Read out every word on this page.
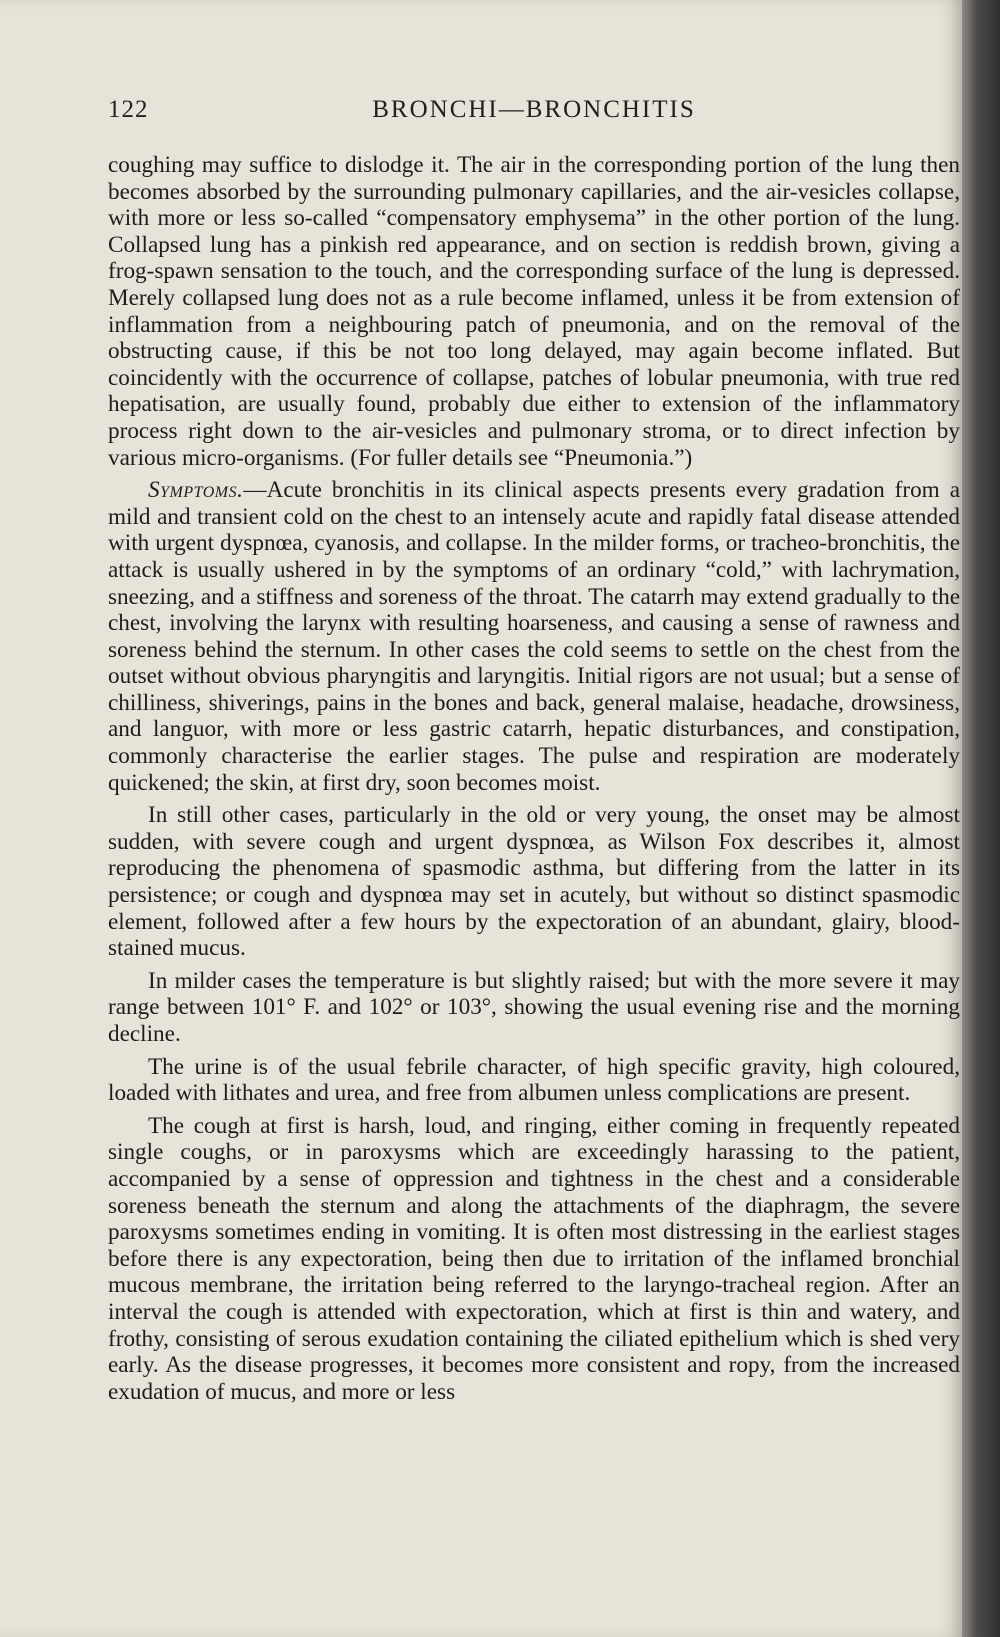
122	BRONCHI—BRONCHITIS

coughing may suffice to dislodge it. The air in the corresponding portion of the lung then becomes absorbed by the surrounding pulmonary capillaries, and the air-vesicles collapse, with more or less so-called “compensatory emphysema” in the other portion of the lung. Collapsed lung has a pinkish red appearance, and on section is reddish brown, giving a frog-spawn sensation to the touch, and the corresponding surface of the lung is depressed. Merely collapsed lung does not as a rule become inflamed, unless it be from extension of inflammation from a neighbouring patch of pneumonia, and on the removal of the obstructing cause, if this be not too long delayed, may again become inflated. But coincidently with the occurrence of collapse, patches of lobular pneumonia, with true red hepatisation, are usually found, probably due either to extension of the inflammatory process right down to the air-vesicles and pulmonary stroma, or to direct infection by various micro-organisms. (For fuller details see “Pneumonia.”)

Symptoms.—Acute bronchitis in its clinical aspects presents every gradation from a mild and transient cold on the chest to an intensely acute and rapidly fatal disease attended with urgent dyspnœa, cyanosis, and collapse. In the milder forms, or tracheo-bronchitis, the attack is usually ushered in by the symptoms of an ordinary “cold,” with lachrymation, sneezing, and a stiffness and soreness of the throat. The catarrh may extend gradually to the chest, involving the larynx with resulting hoarseness, and causing a sense of rawness and soreness behind the sternum. In other cases the cold seems to settle on the chest from the outset without obvious pharyngitis and laryngitis. Initial rigors are not usual; but a sense of chilliness, shiverings, pains in the bones and back, general malaise, headache, drowsiness, and languor, with more or less gastric catarrh, hepatic disturbances, and constipation, commonly characterise the earlier stages. The pulse and respiration are moderately quickened; the skin, at first dry, soon becomes moist.

In still other cases, particularly in the old or very young, the onset may be almost sudden, with severe cough and urgent dyspnœa, as Wilson Fox describes it, almost reproducing the phenomena of spasmodic asthma, but differing from the latter in its persistence; or cough and dyspnœa may set in acutely, but without so distinct spasmodic element, followed after a few hours by the expectoration of an abundant, glairy, blood-stained mucus.

In milder cases the temperature is but slightly raised; but with the more severe it may range between 101° F. and 102° or 103°, showing the usual evening rise and the morning decline.

The urine is of the usual febrile character, of high specific gravity, high coloured, loaded with lithates and urea, and free from albumen unless complications are present.

The cough at first is harsh, loud, and ringing, either coming in frequently repeated single coughs, or in paroxysms which are exceedingly harassing to the patient, accompanied by a sense of oppression and tightness in the chest and a considerable soreness beneath the sternum and along the attachments of the diaphragm, the severe paroxysms sometimes ending in vomiting. It is often most distressing in the earliest stages before there is any expectoration, being then due to irritation of the inflamed bronchial mucous membrane, the irritation being referred to the laryngo-tracheal region. After an interval the cough is attended with expectoration, which at first is thin and watery, and frothy, consisting of serous exudation containing the ciliated epithelium which is shed very early. As the disease progresses, it becomes more consistent and ropy, from the increased exudation of mucus, and more or less
